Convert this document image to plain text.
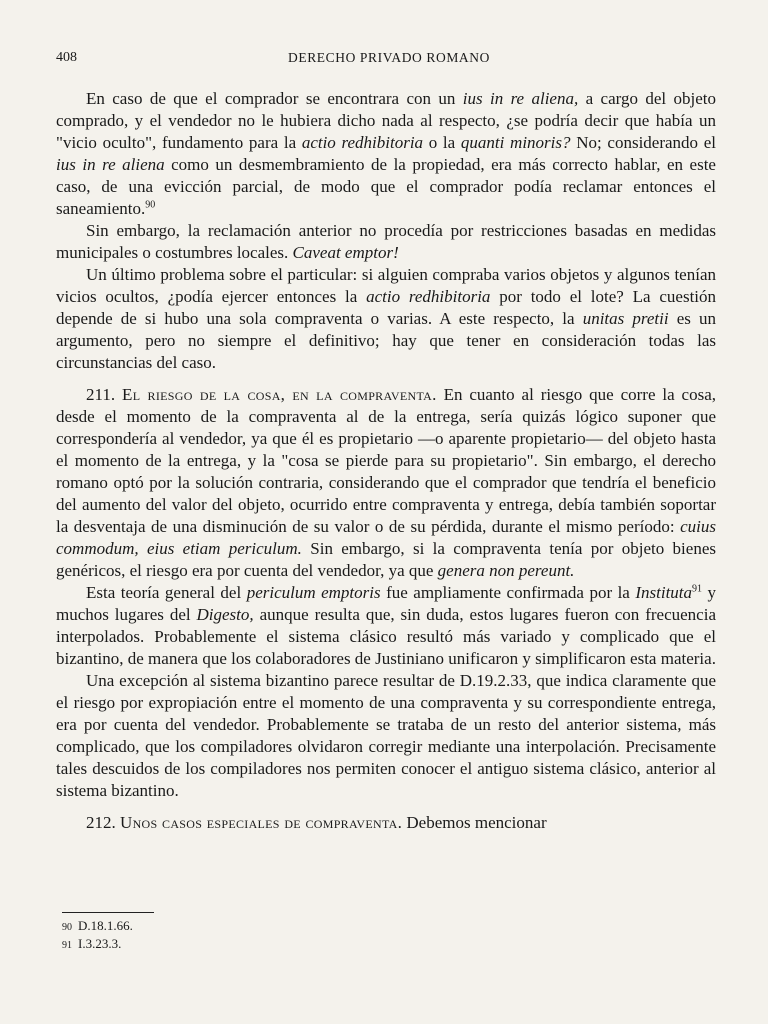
408	DERECHO PRIVADO ROMANO

En caso de que el comprador se encontrara con un ius in re aliena, a cargo del objeto comprado, y el vendedor no le hubiera dicho nada al respecto, ¿se podría decir que había un "vicio oculto", fundamento para la actio redhibitoria o la quanti minoris? No; considerando el ius in re aliena como un desmembramiento de la propiedad, era más correcto hablar, en este caso, de una evicción parcial, de modo que el comprador podía reclamar entonces el saneamiento.$^{90}$

Sin embargo, la reclamación anterior no procedía por restricciones basadas en medidas municipales o costumbres locales. Caveat emptor!

Un último problema sobre el particular: si alguien compraba varios objetos y algunos tenían vicios ocultos, ¿podía ejercer entonces la actio redhibitoria por todo el lote? La cuestión depende de si hubo una sola compraventa o varias. A este respecto, la unitas pretii es un argumento, pero no siempre el definitivo; hay que tener en consideración todas las circunstancias del caso.

211. El riesgo de la cosa, en la compraventa. En cuanto al riesgo que corre la cosa, desde el momento de la compraventa al de la entrega, sería quizás lógico suponer que correspondería al vendedor, ya que él es propietario —o aparente propietario— del objeto hasta el momento de la entrega, y la "cosa se pierde para su propietario". Sin embargo, el derecho romano optó por la solución contraria, considerando que el comprador que tendría el beneficio del aumento del valor del objeto, ocurrido entre compraventa y entrega, debía también soportar la desventaja de una disminución de su valor o de su pérdida, durante el mismo período: cuius commodum, eius etiam periculum. Sin embargo, si la compraventa tenía por objeto bienes genéricos, el riesgo era por cuenta del vendedor, ya que genera non pereunt.

Esta teoría general del periculum emptoris fue ampliamente confirmada por la Instituta$^{91}$ y muchos lugares del Digesto, aunque resulta que, sin duda, estos lugares fueron con frecuencia interpolados. Probablemente el sistema clásico resultó más variado y complicado que el bizantino, de manera que los colaboradores de Justiniano unificaron y simplificaron esta materia.

Una excepción al sistema bizantino parece resultar de D.19.2.33, que indica claramente que el riesgo por expropiación entre el momento de una compraventa y su correspondiente entrega, era por cuenta del vendedor. Probablemente se trataba de un resto del anterior sistema, más complicado, que los compiladores olvidaron corregir mediante una interpolación. Precisamente tales descuidos de los compiladores nos permiten conocer el antiguo sistema clásico, anterior al sistema bizantino.

212. Unos casos especiales de compraventa. Debemos mencionar

90 D.18.1.66.
91 I.3.23.3.
